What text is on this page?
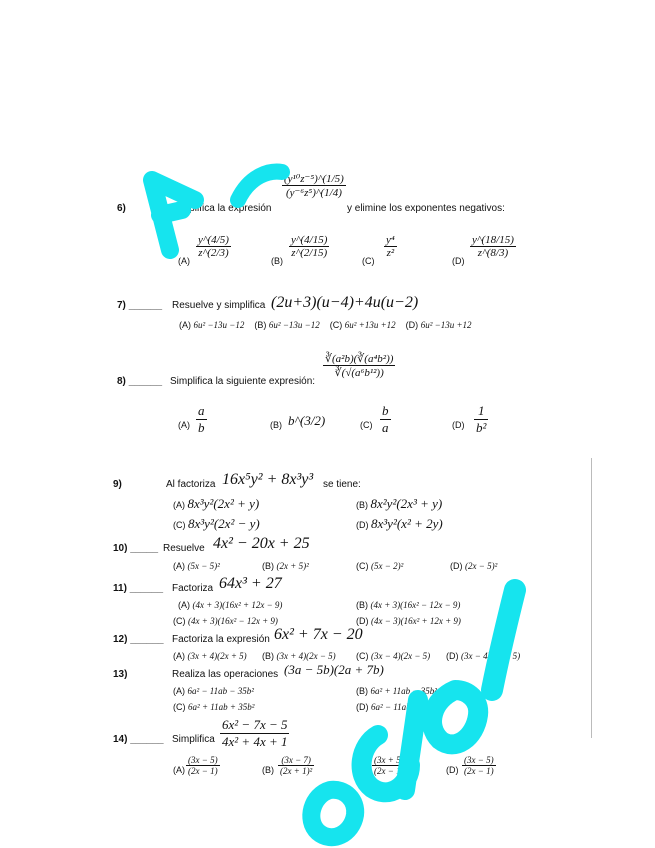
6)	Simplifica la expresión
$\frac{\text{(y¹⁰z⁻⁵)\textasciicircum{}(1/5)}}{\text{(y⁻⁶z⁵)\textasciicircum{}(1/4)}}$
y elimine los exponentes negativos:
(A)
$\frac{y\^{}(4/5)}{z\^{}(2/3)}$
(B)
$\frac{y\^{}(4/15)}{z\^{}(2/15)}$
(C)
$\frac{\text{y⁴}}{\text{z²}}$
(D)
$\frac{y\^{}(18/15)}{z\^{}(8/3)}$
7) ______ Resuelve y simplifica (2u+3)(u−4)+4u(u−2)
(A) 6u² −13u −12 (B) 6u² −13u −12 (C) 6u² +13u +12 (D) 6u² −13u +12
8) ______ Simplifica la siguiente expresión:
$\frac{\text{∛(a²b)(∛(a⁴b²))}}{\text{∛(√(a⁶b¹²))}}$
$(A) \frac{a}{b}$	(B) b^(3/2)	$(C) \frac{b}{a}$	$(D) \frac{1}{\text{b²}}$
9)	Al factoriza 16x⁵y² + 8x³y³ se tiene:
(A) 8x³y²(2x² + y)	(B) 8x²y²(2x³ + y)
(C) 8x³y²(2x² − y)	(D) 8x³y²(x² + 2y)
10) _____ Resuelve 4x² − 20x + 25
(A) (5x − 5)²	(B) (2x + 5)²	(C) (5x − 2)²	(D) (2x − 5)²
11) ______ Factoriza 64x³ + 27
(A) (4x + 3)(16x² + 12x − 9)	(B) (4x + 3)(16x² − 12x − 9)
(C) (4x + 3)(16x² − 12x + 9)	(D) (4x − 3)(16x² + 12x + 9)
12) ______ Factoriza la expresión 6x² + 7x − 20
(A) (3x + 4)(2x + 5) (B) (3x + 4)(2x − 5) (C) (3x − 4)(2x − 5) (D) (3x − 4)(2x + 5)
13)	Realiza las operaciones (3a − 5b)(2a + 7b)
(A) 6a² − 11ab − 35b²	(B) 6a² + 11ab − 35b²
(C) 6a² + 11ab + 35b²	(D) 6a² − 11ab + 35b²
14) ______ Simplifica $\frac{\text{6x² − 7x − 5}}{\text{4x² + 4x + 1}}$
$(A) \frac{(3x - 5)}{(2x - 1)}$	$(B) \frac{(3x - 7)}{\text{(2x + 1)²}}$	$(C) \frac{(3x + 5)}{(2x - 1)}$	$(D) \frac{(3x - 5)}{(2x - 1)}$
